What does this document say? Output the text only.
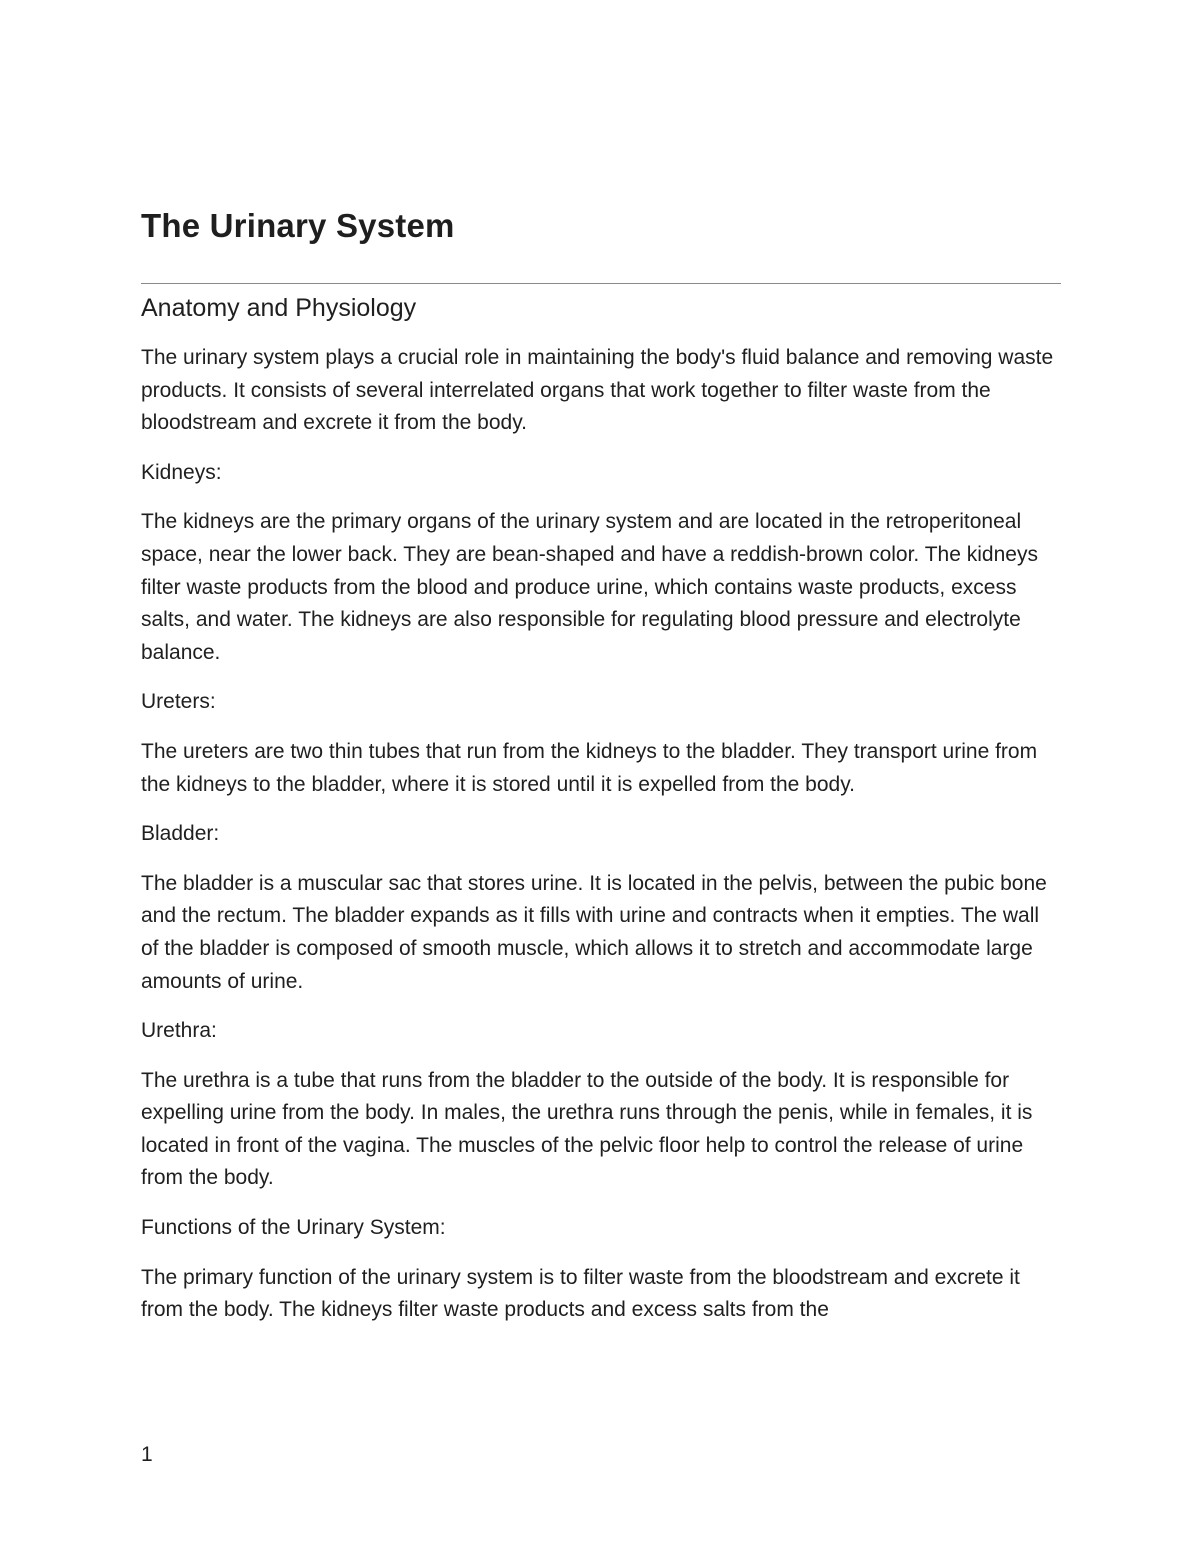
The Urinary System
Anatomy and Physiology

The urinary system plays a crucial role in maintaining the body's fluid balance and removing waste products. It consists of several interrelated organs that work together to filter waste from the bloodstream and excrete it from the body.

Kidneys:

The kidneys are the primary organs of the urinary system and are located in the retroperitoneal space, near the lower back. They are bean-shaped and have a reddish-brown color. The kidneys filter waste products from the blood and produce urine, which contains waste products, excess salts, and water. The kidneys are also responsible for regulating blood pressure and electrolyte balance.

Ureters:

The ureters are two thin tubes that run from the kidneys to the bladder. They transport urine from the kidneys to the bladder, where it is stored until it is expelled from the body.

Bladder:

The bladder is a muscular sac that stores urine. It is located in the pelvis, between the pubic bone and the rectum. The bladder expands as it fills with urine and contracts when it empties. The wall of the bladder is composed of smooth muscle, which allows it to stretch and accommodate large amounts of urine.

Urethra:

The urethra is a tube that runs from the bladder to the outside of the body. It is responsible for expelling urine from the body. In males, the urethra runs through the penis, while in females, it is located in front of the vagina. The muscles of the pelvic floor help to control the release of urine from the body.

Functions of the Urinary System:

The primary function of the urinary system is to filter waste from the bloodstream and excrete it from the body. The kidneys filter waste products and excess salts from the

1
